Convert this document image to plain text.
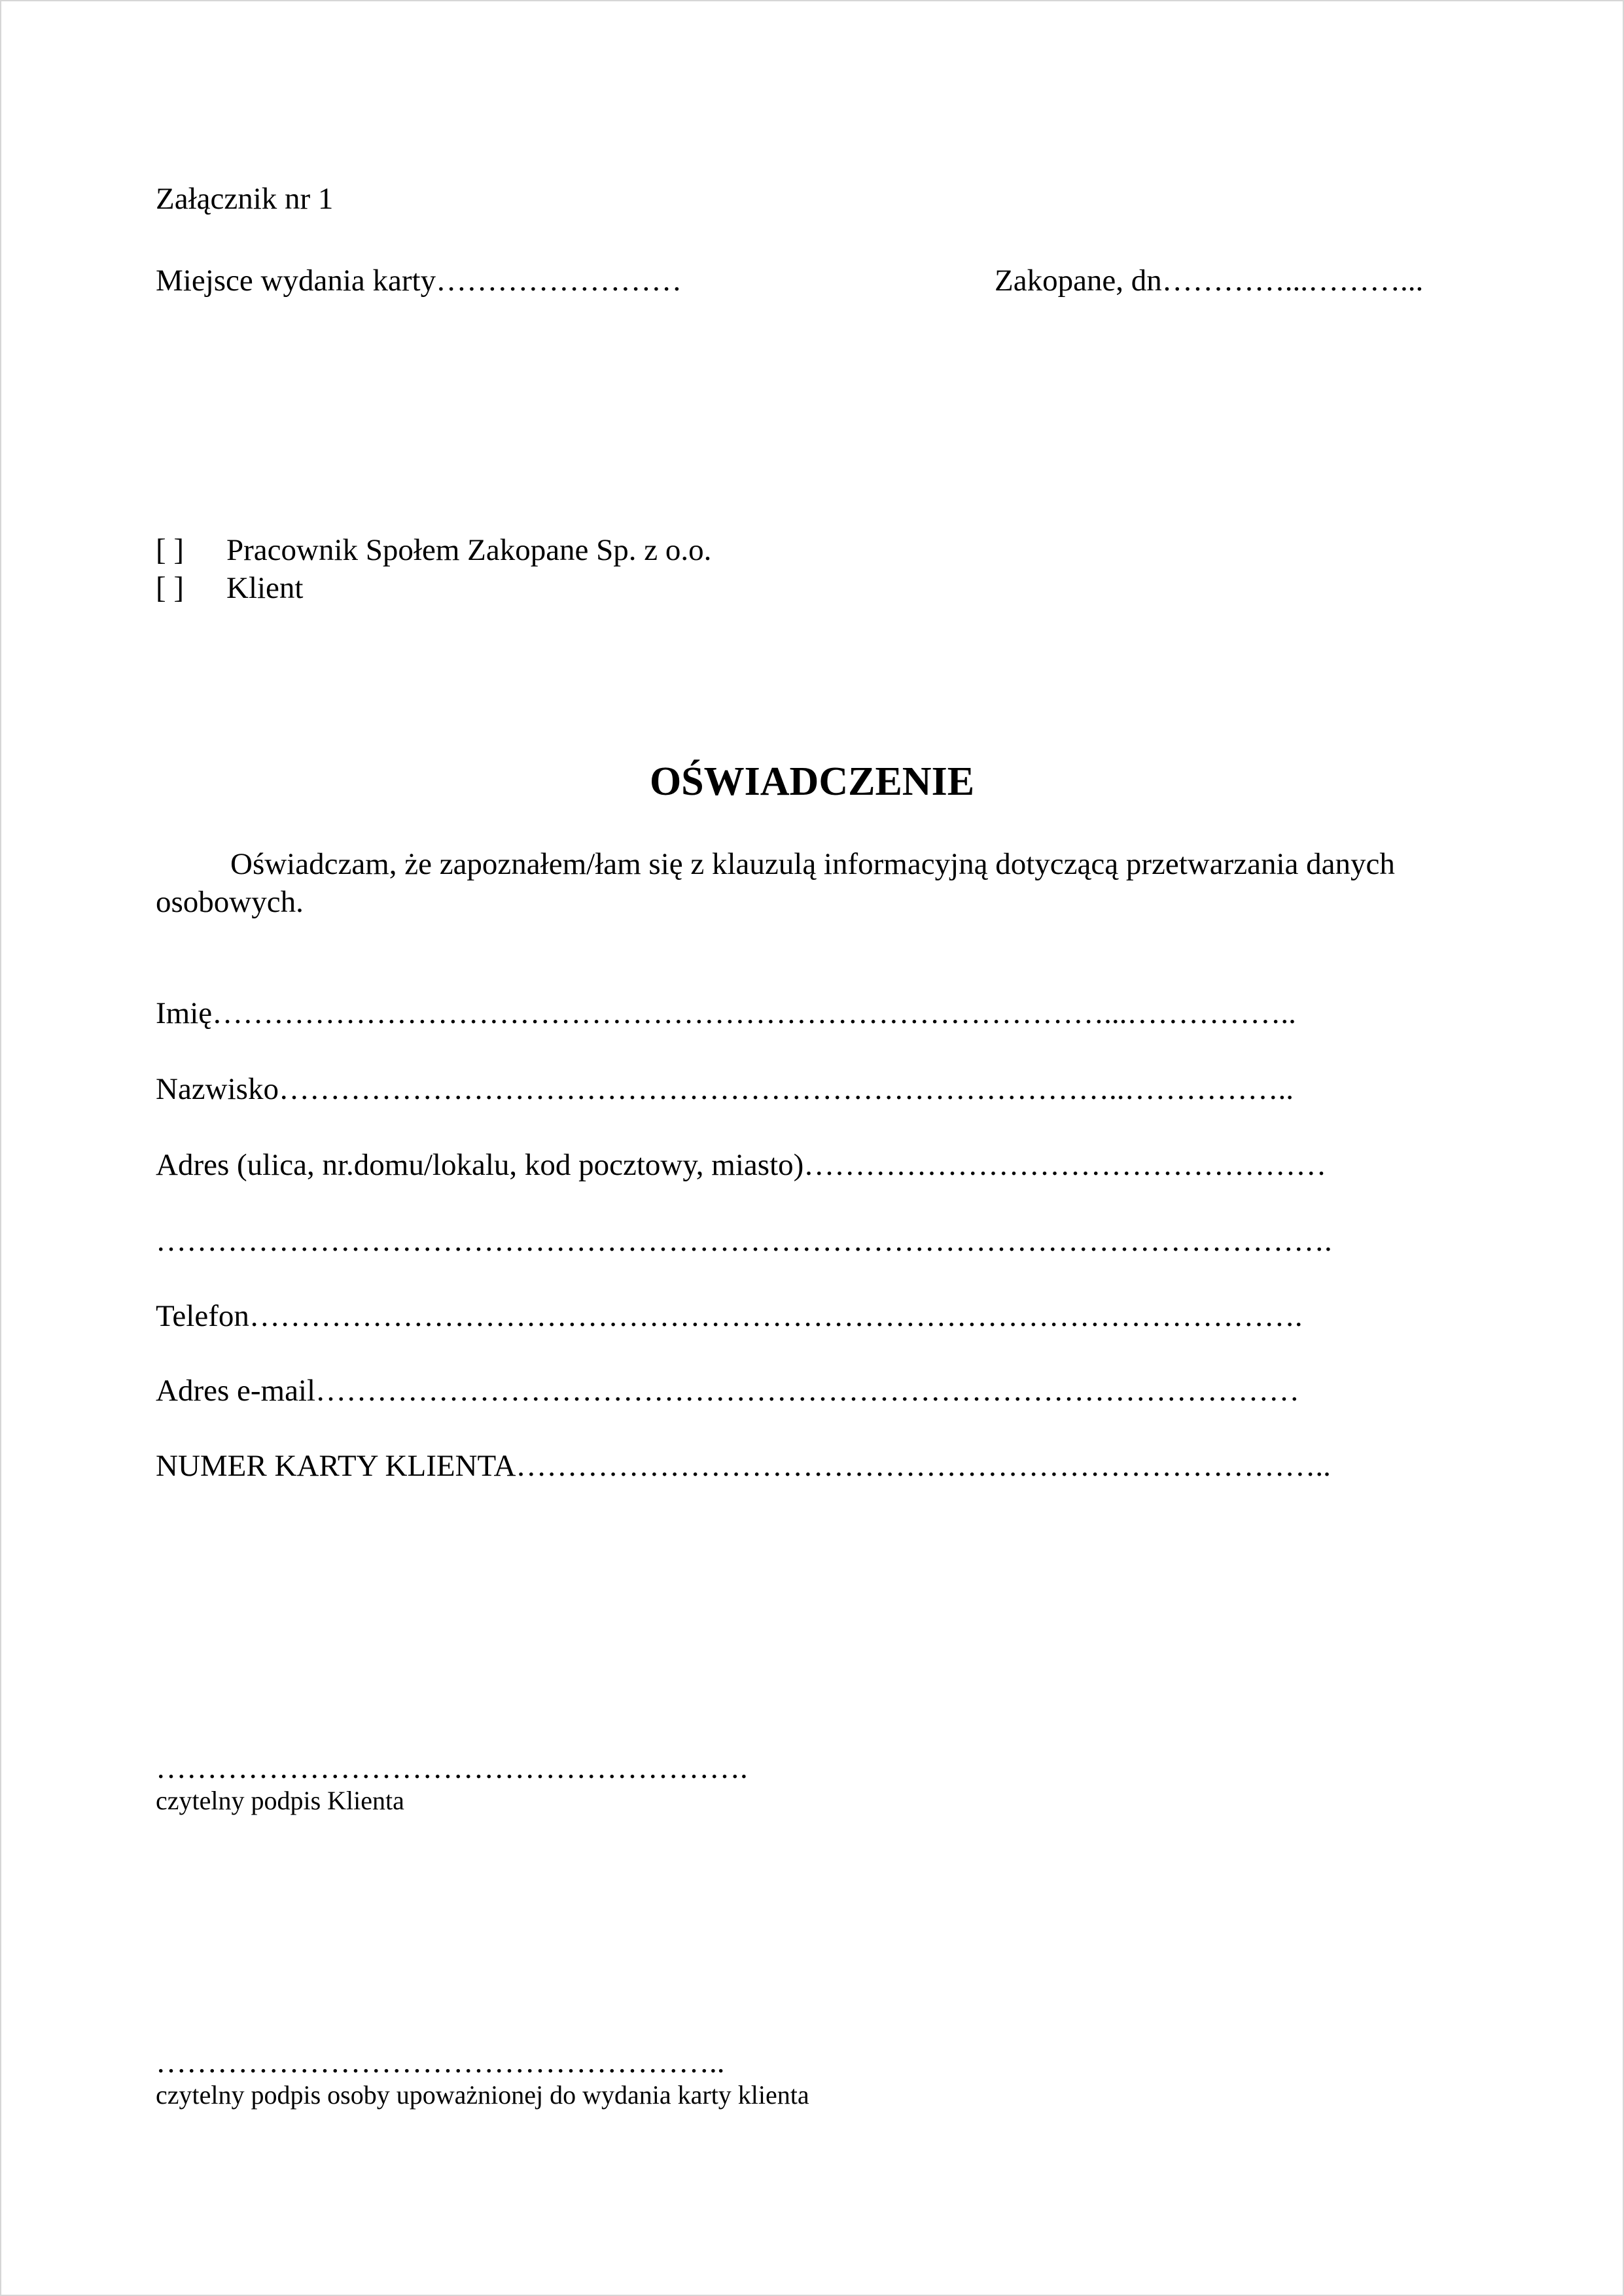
Załącznik nr 1
Miejsce wydania karty……………………	Zakopane, dn…………...………...
[ ] Pracownik Społem Zakopane Sp. z o.o.
[ ] Klient
OŚWIADCZENIE
Oświadczam, że zapoznałem/łam się z klauzulą informacyjną dotyczącą przetwarzania danych
osobowych.
Imię……………………………………………………………………………...……………..
Nazwisko………………………………………………………………………..……………..
Adres (ulica, nr.domu/lokalu, kod pocztowy, miasto)……………………………………………
…………………………………………………………………………………………………….
Telefon………………………………………………………………………………………….
Adres e-mail……………………………………………………………………………………
NUMER KARTY KLIENTA……………………………………………………………………..
………………………………………………….
czytelny podpis Klienta
………………………………………………..
czytelny podpis osoby upoważnionej do wydania karty klienta
